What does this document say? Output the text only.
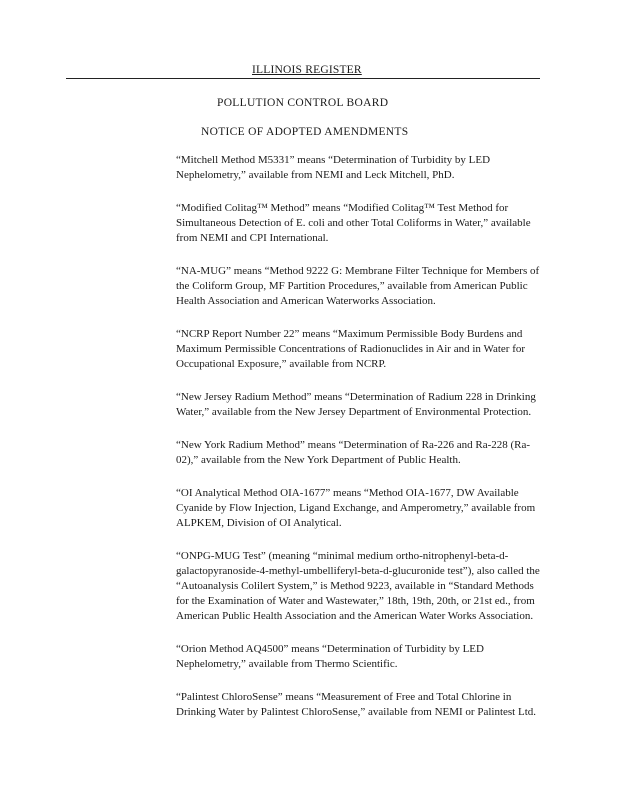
ILLINOIS REGISTER
POLLUTION CONTROL BOARD
NOTICE OF ADOPTED AMENDMENTS

“Mitchell Method M5331” means “Determination of Turbidity by LED Nephelometry,” available from NEMI and Leck Mitchell, PhD.

“Modified Colitag™ Method” means “Modified Colitag™ Test Method for Simultaneous Detection of E. coli and other Total Coliforms in Water,” available from NEMI and CPI International.

“NA-MUG” means “Method 9222 G: Membrane Filter Technique for Members of the Coliform Group, MF Partition Procedures,” available from American Public Health Association and American Waterworks Association.

“NCRP Report Number 22” means “Maximum Permissible Body Burdens and Maximum Permissible Concentrations of Radionuclides in Air and in Water for Occupational Exposure,” available from NCRP.

“New Jersey Radium Method” means “Determination of Radium 228 in Drinking Water,” available from the New Jersey Department of Environmental Protection.

“New York Radium Method” means “Determination of Ra-226 and Ra-228 (Ra-02),” available from the New York Department of Public Health.

“OI Analytical Method OIA-1677” means “Method OIA-1677, DW Available Cyanide by Flow Injection, Ligand Exchange, and Amperometry,” available from ALPKEM, Division of OI Analytical.

“ONPG-MUG Test” (meaning “minimal medium ortho-nitrophenyl-beta-d-galactopyranoside-4-methyl-umbelliferyl-beta-d-glucuronide test”), also called the “Autoanalysis Colilert System,” is Method 9223, available in “Standard Methods for the Examination of Water and Wastewater,” 18th, 19th, 20th, or 21st ed., from American Public Health Association and the American Water Works Association.

“Orion Method AQ4500” means “Determination of Turbidity by LED Nephelometry,” available from Thermo Scientific.

“Palintest ChloroSense” means “Measurement of Free and Total Chlorine in Drinking Water by Palintest ChloroSense,” available from NEMI or Palintest Ltd.
